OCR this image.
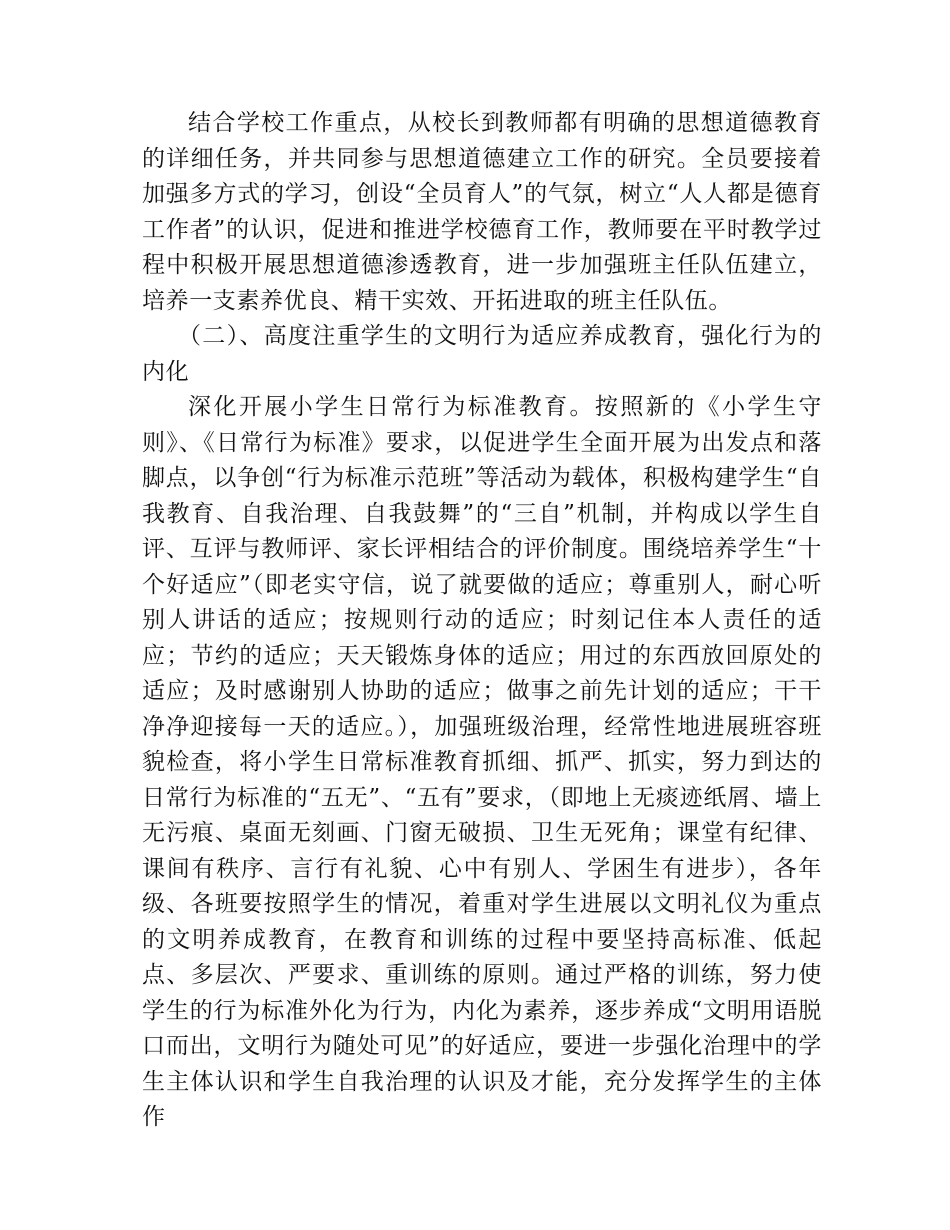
结合学校工作重点，从校长到教师都有明确的思想道德教育的详细任务，并共同参与思想道德建立工作的研究。全员要接着加强多方式的学习，创设“全员育人”的气氛，树立“人人都是德育工作者”的认识，促进和推进学校德育工作，教师要在平时教学过程中积极开展思想道德渗透教育，进一步加强班主任队伍建立，培养一支素养优良、精干实效、开拓进取的班主任队伍。

（二）、高度注重学生的文明行为适应养成教育，强化行为的内化

深化开展小学生日常行为标准教育。按照新的《小学生守则》、《日常行为标准》要求，以促进学生全面开展为出发点和落脚点，以争创“行为标准示范班”等活动为载体，积极构建学生“自我教育、自我治理、自我鼓舞”的“三自”机制，并构成以学生自评、互评与教师评、家长评相结合的评价制度。围绕培养学生“十个好适应”（即老实守信，说了就要做的适应；尊重别人，耐心听别人讲话的适应；按规则行动的适应；时刻记住本人责任的适应；节约的适应；天天锻炼身体的适应；用过的东西放回原处的适应；及时感谢别人协助的适应；做事之前先计划的适应；干干净净迎接每一天的适应。），加强班级治理，经常性地进展班容班貌检查，将小学生日常标准教育抓细、抓严、抓实，努力到达的日常行为标准的“五无”、“五有”要求，（即地上无痰迹纸屑、墙上无污痕、桌面无刻画、门窗无破损、卫生无死角；课堂有纪律、课间有秩序、言行有礼貌、心中有别人、学困生有进步），各年级、各班要按照学生的情况，着重对学生进展以文明礼仪为重点的文明养成教育，在教育和训练的过程中要坚持高标准、低起点、多层次、严要求、重训练的原则。通过严格的训练，努力使学生的行为标准外化为行为，内化为素养，逐步养成“文明用语脱口而出，文明行为随处可见”的好适应，要进一步强化治理中的学生主体认识和学生自我治理的认识及才能，充分发挥学生的主体作
